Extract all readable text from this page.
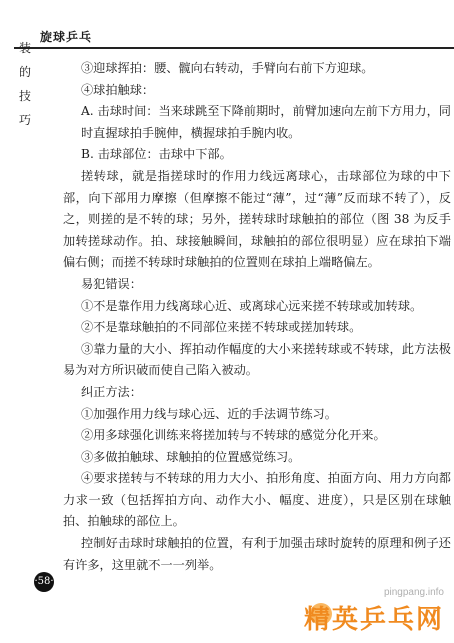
旋球乒乓
装
的
技
巧

③迎球挥拍：腰、髋向右转动，手臂向右前下方迎球。

④球拍触球：

A. 击球时间：当来球跳至下降前期时，前臂加速向左前下方用力，同时直握球拍手腕伸，横握球拍手腕内收。

B. 击球部位：击球中下部。

搓转球，就是指搓球时的作用力线远离球心，击球部位为球的中下部，向下部用力摩擦（但摩擦不能过“薄”，过“薄”反而球不转了），反之，则搓的是不转的球；另外，搓转球时球触拍的部位（图 38 为反手加转搓球动作。拍、球接触瞬间，球触拍的部位很明显）应在球拍下端偏右侧；而搓不转球时球触拍的位置则在球拍上端略偏左。

易犯错误：

①不是靠作用力线离球心近、或离球心远来搓不转球或加转球。

②不是靠球触拍的不同部位来搓不转球或搓加转球。

③靠力量的大小、挥拍动作幅度的大小来搓转球或不转球，此方法极易为对方所识破而使自己陷入被动。

纠正方法：

①加强作用力线与球心远、近的手法调节练习。

②用多球强化训练来将搓加转与不转球的感觉分化开来。

③多做拍触球、球触拍的位置感觉练习。

④要求搓转与不转球的用力大小、拍形角度、拍面方向、用力方向都力求一致（包括挥拍方向、动作大小、幅度、进度），只是区别在球触拍、拍触球的部位上。

控制好击球时球触拍的位置，有利于加强击球时旋转的原理和例子还有许多，这里就不一一列举。

·58·
pingpang.info
精英乒乓网
